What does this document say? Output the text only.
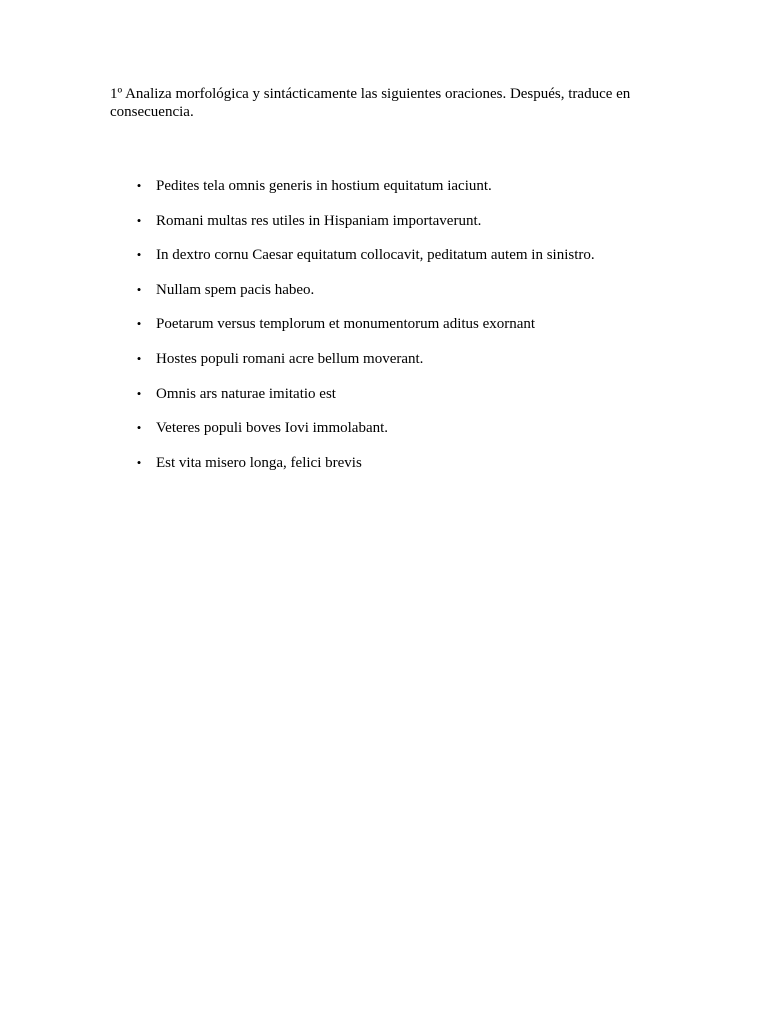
1º Analiza morfológica y sintácticamente las siguientes oraciones. Después, traduce en consecuencia.

• Pedites tela omnis generis in hostium equitatum iaciunt.
• Romani multas res utiles in Hispaniam importaverunt.
• In dextro cornu Caesar equitatum collocavit, peditatum autem in sinistro.
• Nullam spem pacis habeo.
• Poetarum versus templorum et monumentorum aditus exornant
• Hostes populi romani acre bellum moverant.
• Omnis ars naturae imitatio est
• Veteres populi boves Iovi immolabant.
• Est vita misero longa, felici brevis
